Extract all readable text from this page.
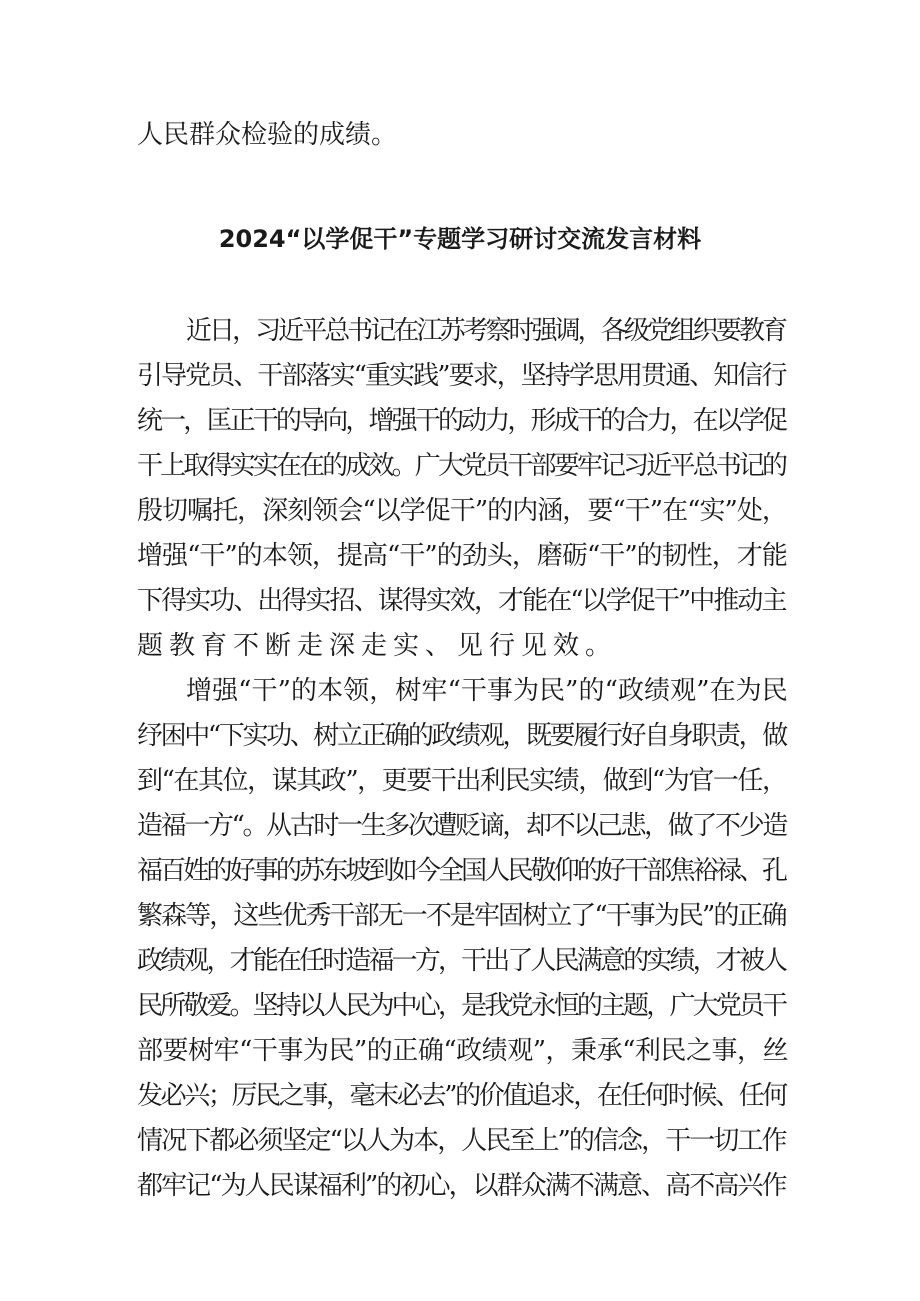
人民群众检验的成绩。
2024“以学促干”专题学习研讨交流发言材料
近日，习近平总书记在江苏考察时强调，各级党组织要教育
引导党员、干部落实“重实践”要求，坚持学思用贯通、知信行
统一，匡正干的导向，增强干的动力，形成干的合力，在以学促
干上取得实实在在的成效。广大党员干部要牢记习近平总书记的
殷切嘱托，深刻领会“以学促干”的内涵，要“干”在“实”处，
增强“干”的本领，提高“干”的劲头，磨砺“干”的韧性，才能
下得实功、出得实招、谋得实效，才能在“以学促干”中推动主
题教育不断走深走实、见行见效。
增强“干”的本领，树牢“干事为民”的“政绩观”在为民
纾困中“下实功、树立正确的政绩观，既要履行好自身职责，做
到“在其位，谋其政”，更要干出利民实绩，做到“为官一任，
造福一方“。从古时一生多次遭贬谪，却不以己悲，做了不少造
福百姓的好事的苏东坡到如今全国人民敬仰的好干部焦裕禄、孔
繁森等，这些优秀干部无一不是牢固树立了“干事为民”的正确
政绩观，才能在任时造福一方，干出了人民满意的实绩，才被人
民所敬爱。坚持以人民为中心，是我党永恒的主题，广大党员干
部要树牢“干事为民”的正确“政绩观”，秉承“利民之事，丝
发必兴；厉民之事，毫末必去”的价值追求，在任何时候、任何
情况下都必须坚定“以人为本，人民至上”的信念，干一切工作
都牢记“为人民谋福利”的初心，以群众满不满意、高不高兴作
